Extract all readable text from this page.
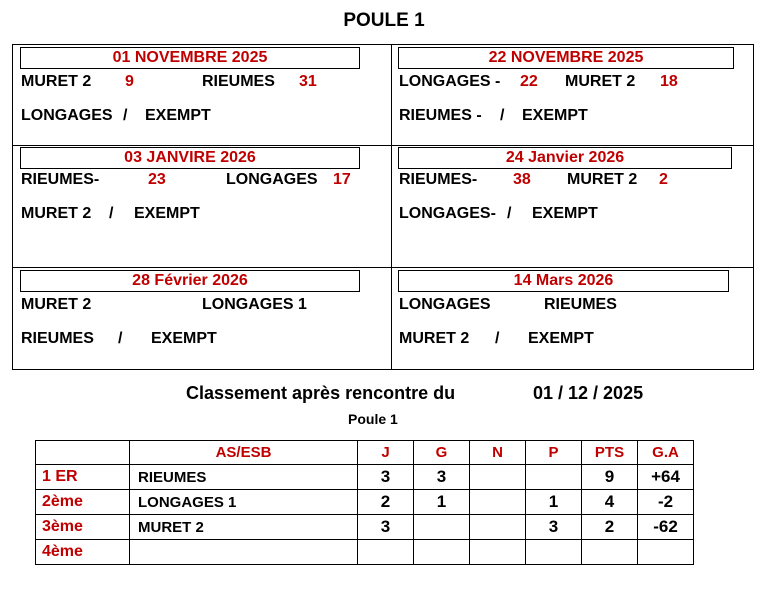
POULE 1
01 NOVEMBRE 2025
MURET 2 9	RIEUMES 31
LONGAGES / EXEMPT
22 NOVEMBRE 2025
LONGAGES - 22 MURET 2 18
RIEUMES - / EXEMPT
03 JANVIRE 2026
RIEUMES-	23	LONGAGES 17
MURET 2 / EXEMPT
24 Janvier 2026
RIEUMES- 38 MURET 2 2
LONGAGES- / EXEMPT
28 Février 2026
MURET 2	LONGAGES 1
RIEUMES / EXEMPT
14 Mars 2026
LONGAGES	RIEUMES
MURET 2 / EXEMPT
Classement après rencontre du	01 / 12 / 2025
Poule 1
	AS/ESB	J	G	N	P	PTS	G.A
1 ER	RIEUMES	3	3			9	+64
2ème	LONGAGES 1	2	1		1	4	-2
3ème	MURET 2	3			3	2	-62
4ème							
